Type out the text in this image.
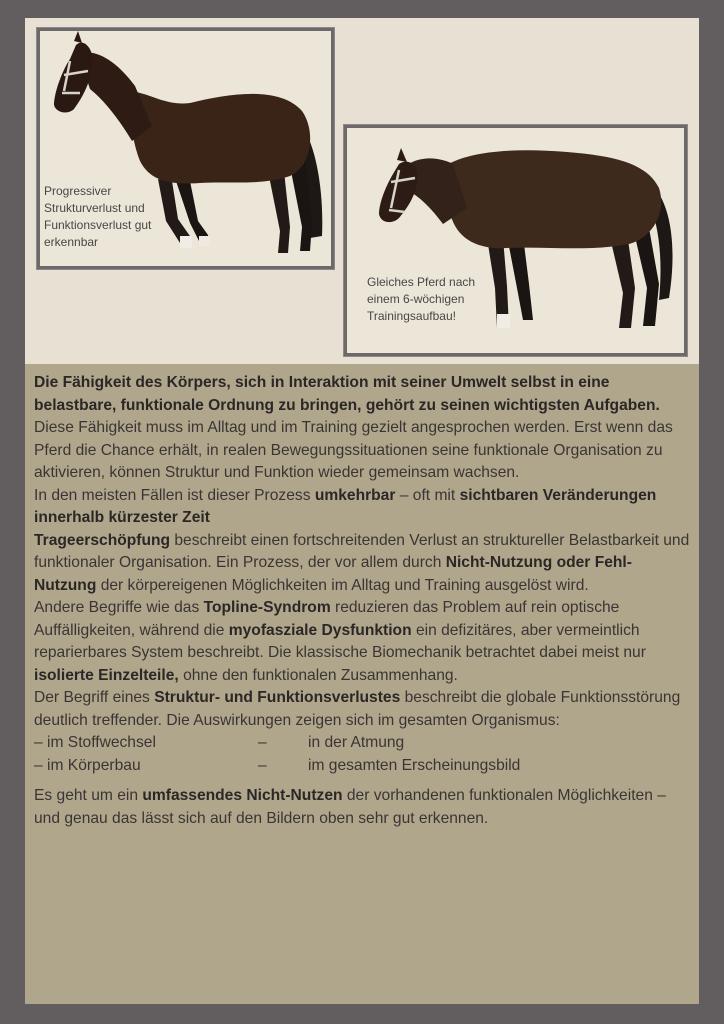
Progressiver
Strukturverlust und
Funktionsverlust gut
erkennbar
Gleiches Pferd nach
einem 6-wöchigen
Trainingsaufbau!

Die Fähigkeit des Körpers, sich in Interaktion mit seiner Umwelt selbst in eine belastbare, funktionale Ordnung zu bringen, gehört zu seinen wichtigsten Aufgaben. Diese Fähigkeit muss im Alltag und im Training gezielt angesprochen werden. Erst wenn das Pferd die Chance erhält, in realen Bewegungssituationen seine funktionale Organisation zu aktivieren, können Struktur und Funktion wieder gemeinsam wachsen.

In den meisten Fällen ist dieser Prozess umkehrbar – oft mit sichtbaren Veränderungen innerhalb kürzester Zeit

Trageerschöpfung beschreibt einen fortschreitenden Verlust an struktureller Belastbarkeit und funktionaler Organisation. Ein Prozess, der vor allem durch Nicht-Nutzung oder Fehl-Nutzung der körpereigenen Möglichkeiten im Alltag und Training ausgelöst wird.

Andere Begriffe wie das Topline-Syndrom reduzieren das Problem auf rein optische Auffälligkeiten, während die myofasziale Dysfunktion ein defizitäres, aber vermeintlich reparierbares System beschreibt. Die klassische Biomechanik betrachtet dabei meist nur isolierte Einzelteile, ohne den funktionalen Zusammenhang.

Der Begriff eines Struktur- und Funktionsverlustes beschreibt die globale Funktionsstörung deutlich treffender. Die Auswirkungen zeigen sich im gesamten Organismus:

– im Stoffwechsel	–	in der Atmung
– im Körperbau	–	im gesamten Erscheinungsbild

Es geht um ein umfassendes Nicht-Nutzen der vorhandenen funktionalen Möglichkeiten – und genau das lässt sich auf den Bildern oben sehr gut erkennen.
